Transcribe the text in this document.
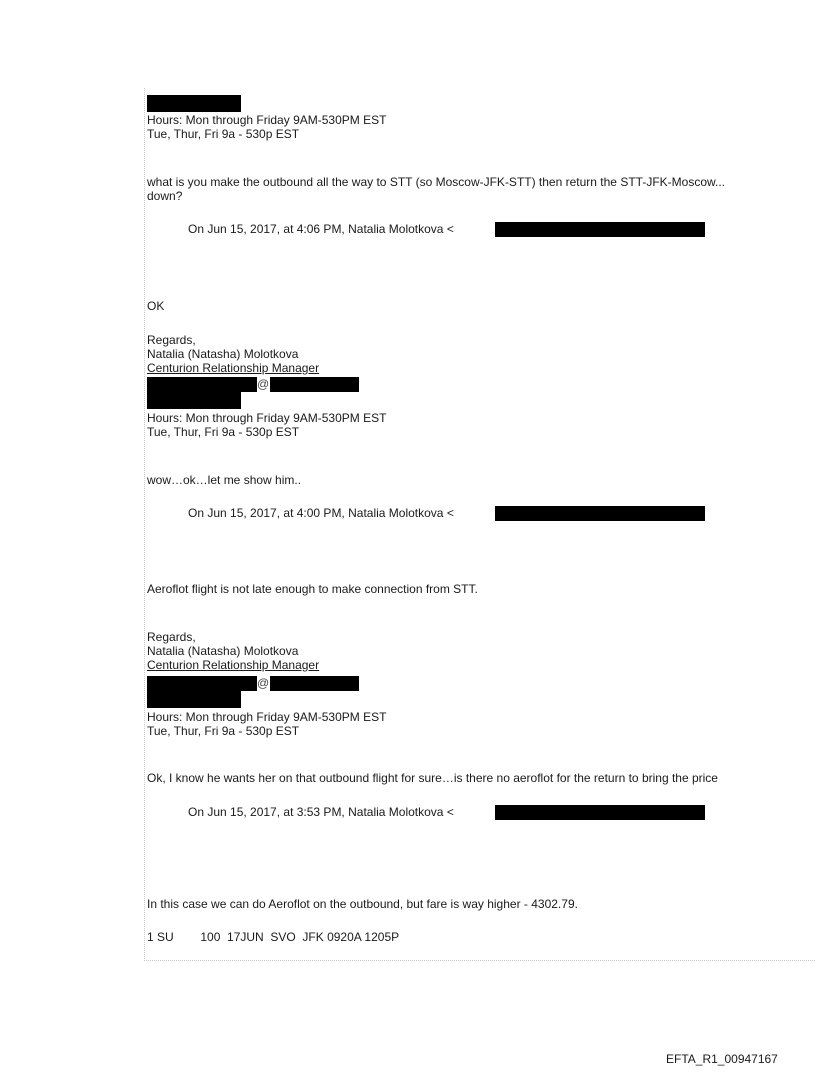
Hours: Mon through Friday 9AM-530PM EST
Tue, Thur, Fri 9a - 530p EST
what is you make the outbound all the way to STT (so Moscow-JFK-STT) then return the STT-JFK-Moscow...
down?
On Jun 15, 2017, at 4:06 PM, Natalia Molotkova <
OK
Regards,
Natalia (Natasha) Molotkova
Centurion Relationship Manager
@
Hours: Mon through Friday 9AM-530PM EST
Tue, Thur, Fri 9a - 530p EST
wow…ok…let me show him..
On Jun 15, 2017, at 4:00 PM, Natalia Molotkova <
Aeroflot flight is not late enough to make connection from STT.
Regards,
Natalia (Natasha) Molotkova
Centurion Relationship Manager
@
Hours: Mon through Friday 9AM-530PM EST
Tue, Thur, Fri 9a - 530p EST
Ok, I know he wants her on that outbound flight for sure…is there no aeroflot for the return to bring the price
On Jun 15, 2017, at 3:53 PM, Natalia Molotkova <
In this case we can do Aeroflot on the outbound, but fare is way higher - 4302.79.
1 SU        100  17JUN  SVO  JFK 0920A 1205P
EFTA_R1_00947167
